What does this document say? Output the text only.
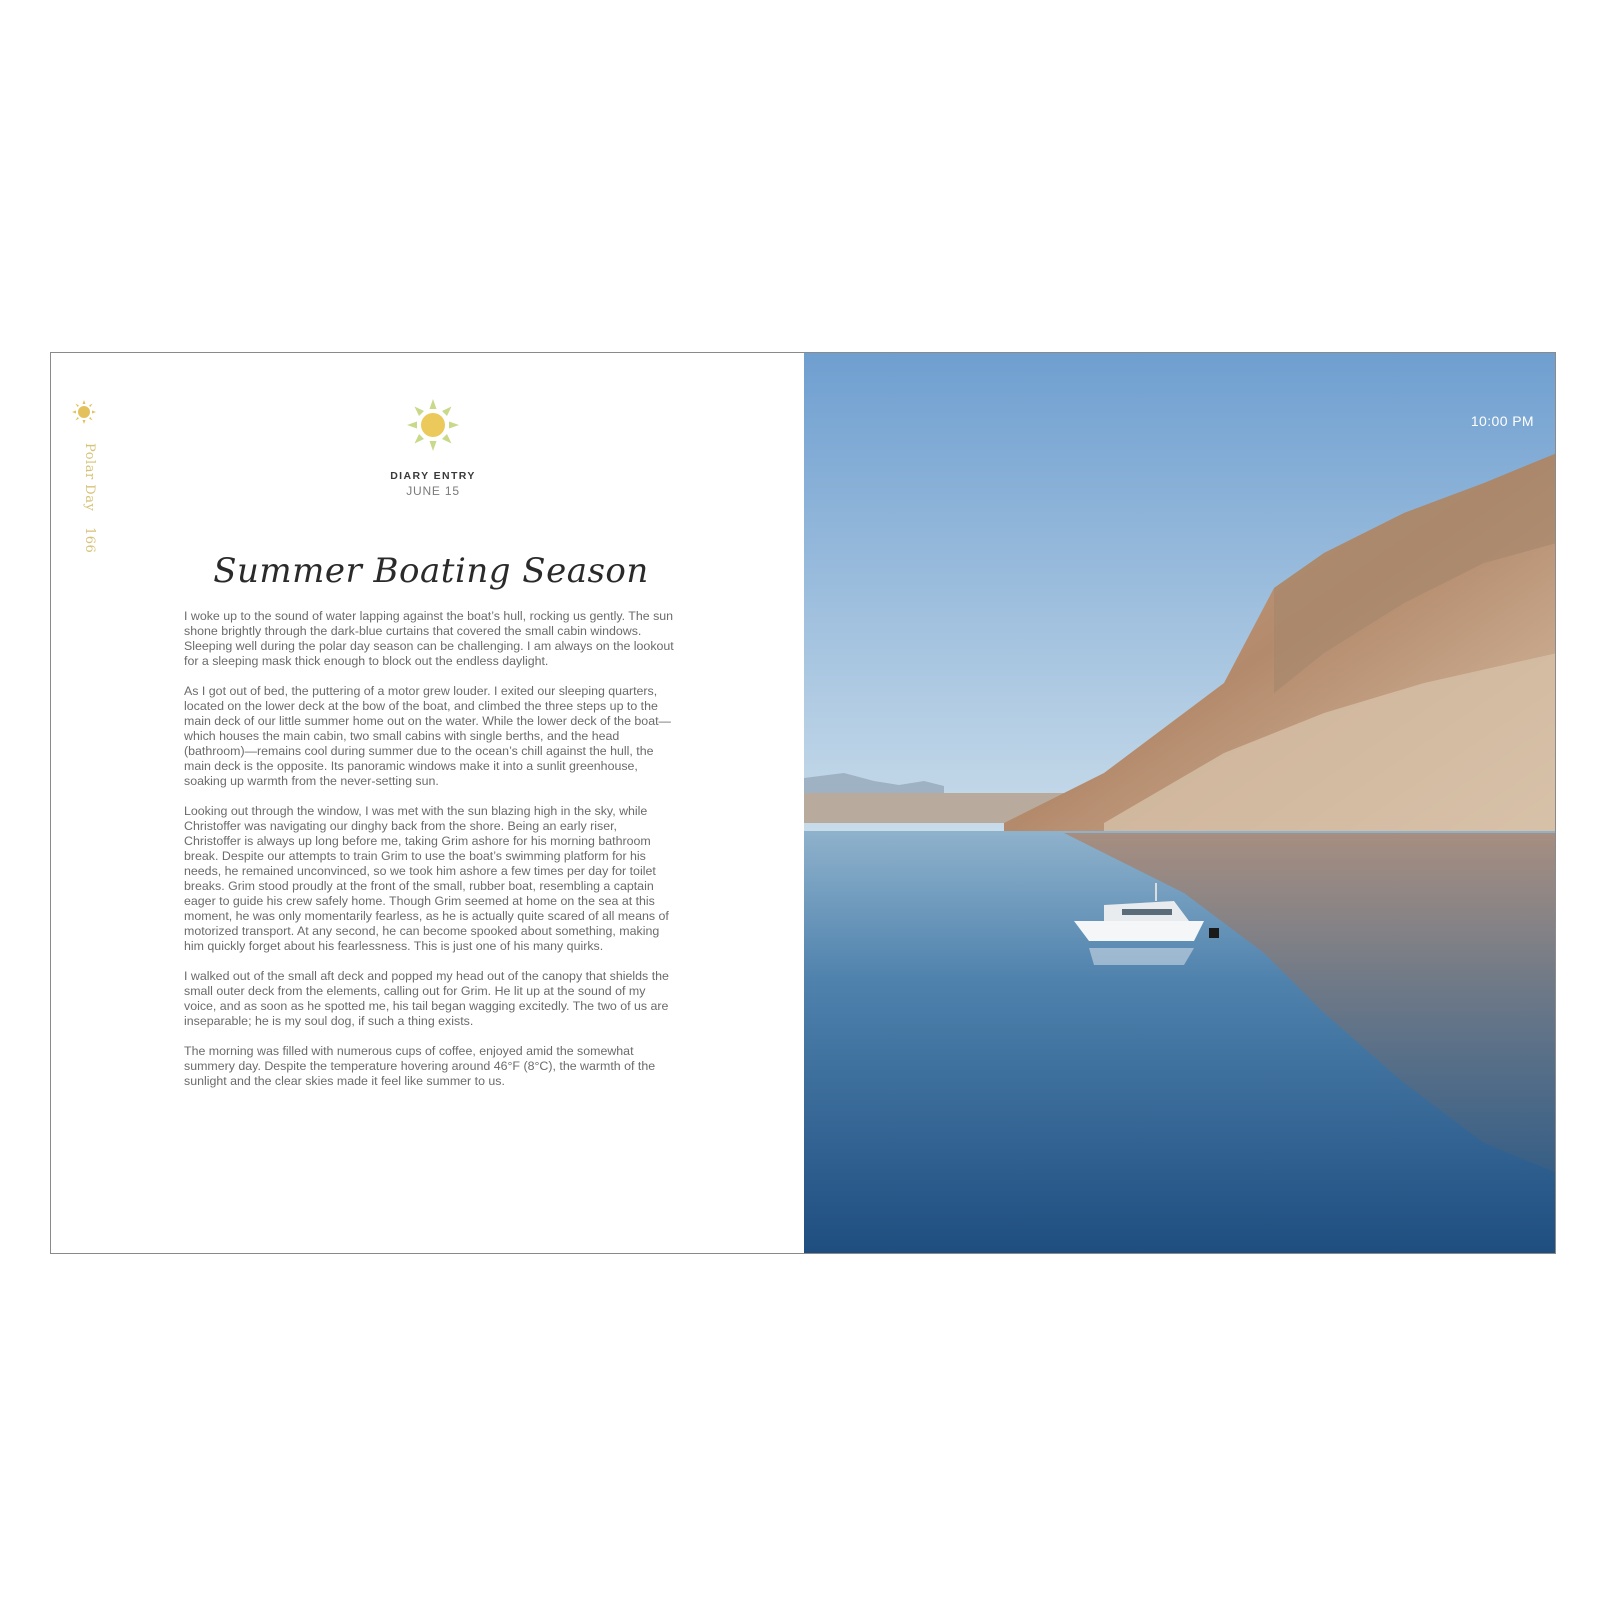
Polar Day166
DIARY ENTRY
JUNE 15
Summer Boating Season

I woke up to the sound of water lapping against the boat’s hull, rocking us gently. The sun shone brightly through the dark-blue curtains that covered the small cabin windows. Sleeping well during the polar day season can be challenging. I am always on the lookout for a sleeping mask thick enough to block out the endless daylight.

As I got out of bed, the puttering of a motor grew louder. I exited our sleeping quarters, located on the lower deck at the bow of the boat, and climbed the three steps up to the main deck of our little summer home out on the water. While the lower deck of the boat—which houses the main cabin, two small cabins with single berths, and the head (bathroom)—remains cool during summer due to the ocean’s chill against the hull, the main deck is the opposite. Its panoramic windows make it into a sunlit greenhouse, soaking up warmth from the never-setting sun.

Looking out through the window, I was met with the sun blazing high in the sky, while Christoffer was navigating our dinghy back from the shore. Being an early riser, Christoffer is always up long before me, taking Grim ashore for his morning bathroom break. Despite our attempts to train Grim to use the boat’s swimming platform for his needs, he remained unconvinced, so we took him ashore a few times per day for toilet breaks. Grim stood proudly at the front of the small, rubber boat, resembling a captain eager to guide his crew safely home. Though Grim seemed at home on the sea at this moment, he was only momentarily fearless, as he is actually quite scared of all means of motorized transport. At any second, he can become spooked about something, making him quickly forget about his fearlessness. This is just one of his many quirks.

I walked out of the small aft deck and popped my head out of the canopy that shields the small outer deck from the elements, calling out for Grim. He lit up at the sound of my voice, and as soon as he spotted me, his tail began wagging excitedly. The two of us are inseparable; he is my soul dog, if such a thing exists.

The morning was filled with numerous cups of coffee, enjoyed amid the somewhat summery day. Despite the temperature hovering around 46°F (8°C), the warmth of the sunlight and the clear skies made it feel like summer to us.

10:00 PM
